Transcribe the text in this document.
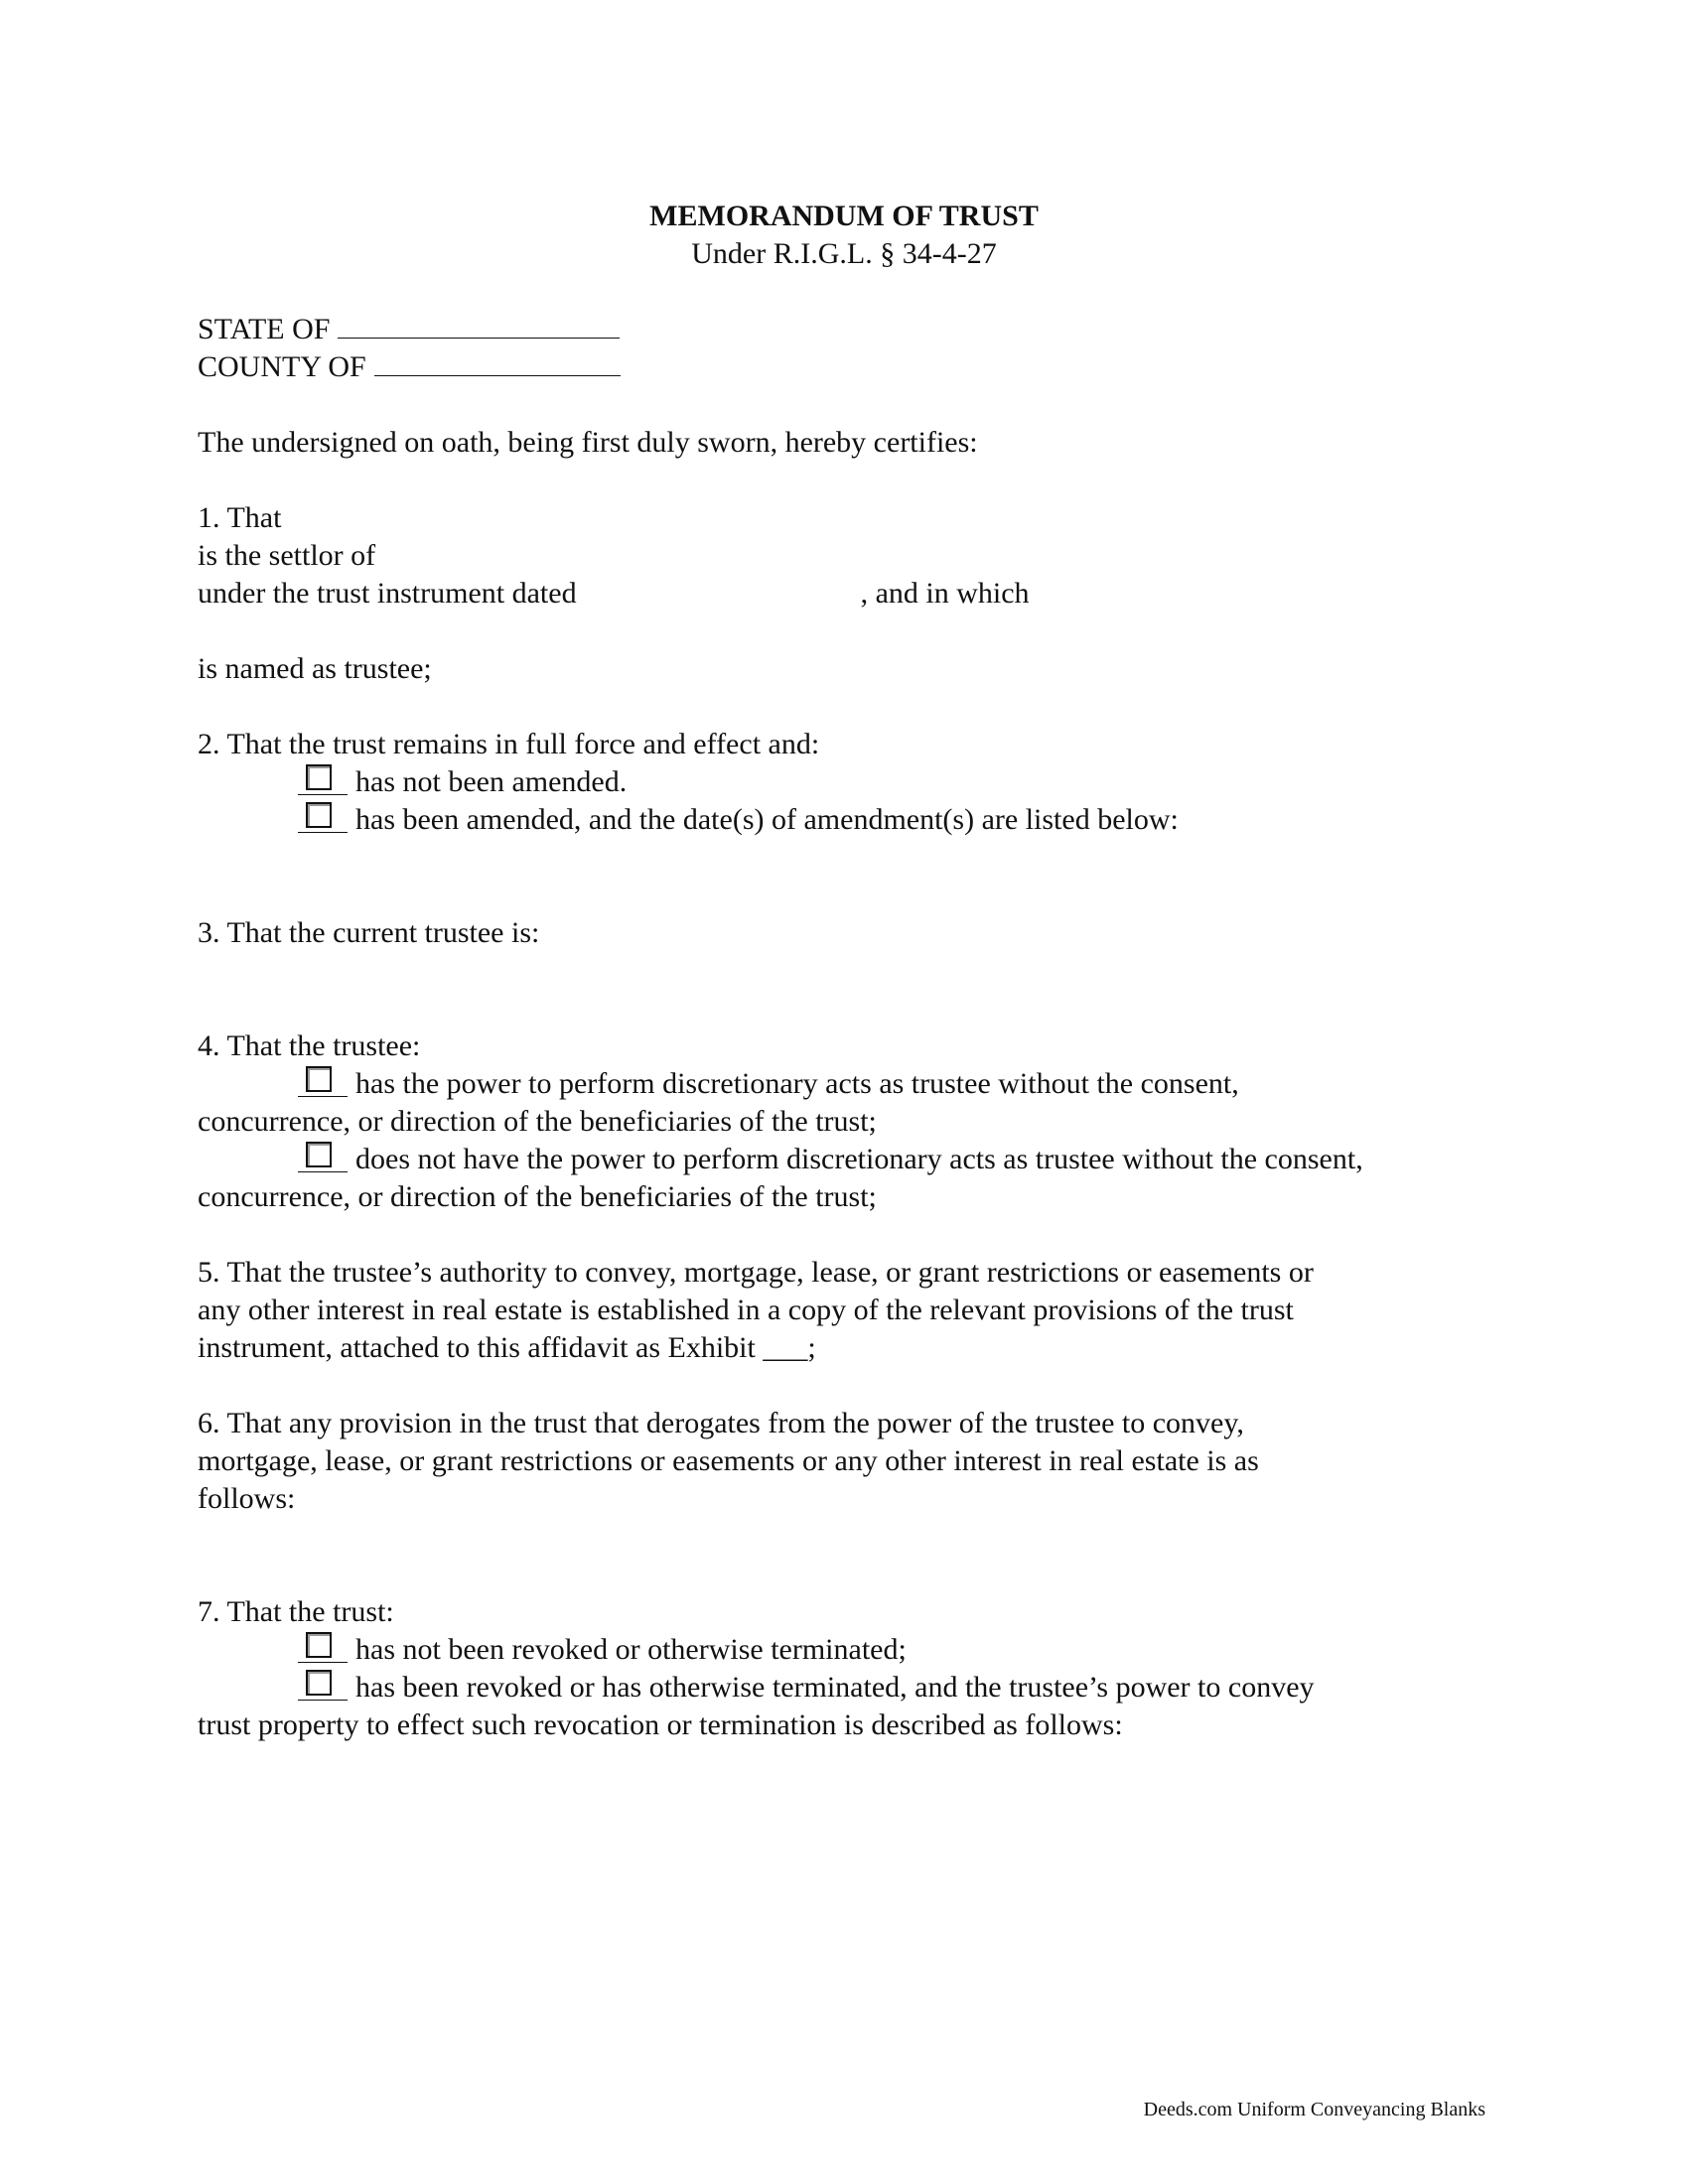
MEMORANDUM OF TRUST
Under R.I.G.L. § 34-4-27
STATE OF
COUNTY OF
The undersigned on oath, being first duly sworn, hereby certifies:
1. That
is the settlor of
under the trust instrument dated	, and in which
is named as trustee;
2. That the trust remains in full force and effect and:
has not been amended.
has been amended, and the date(s) of amendment(s) are listed below:
3. That the current trustee is:
4. That the trustee:
has the power to perform discretionary acts as trustee without the consent,
concurrence, or direction of the beneficiaries of the trust;
does not have the power to perform discretionary acts as trustee without the consent,
concurrence, or direction of the beneficiaries of the trust;
5. That the trustee’s authority to convey, mortgage, lease, or grant restrictions or easements or
any other interest in real estate is established in a copy of the relevant provisions of the trust
instrument, attached to this affidavit as Exhibit ___;
6. That any provision in the trust that derogates from the power of the trustee to convey,
mortgage, lease, or grant restrictions or easements or any other interest in real estate is as
follows:
7. That the trust:
has not been revoked or otherwise terminated;
has been revoked or has otherwise terminated, and the trustee’s power to convey
trust property to effect such revocation or termination is described as follows:
Deeds.com Uniform Conveyancing Blanks
